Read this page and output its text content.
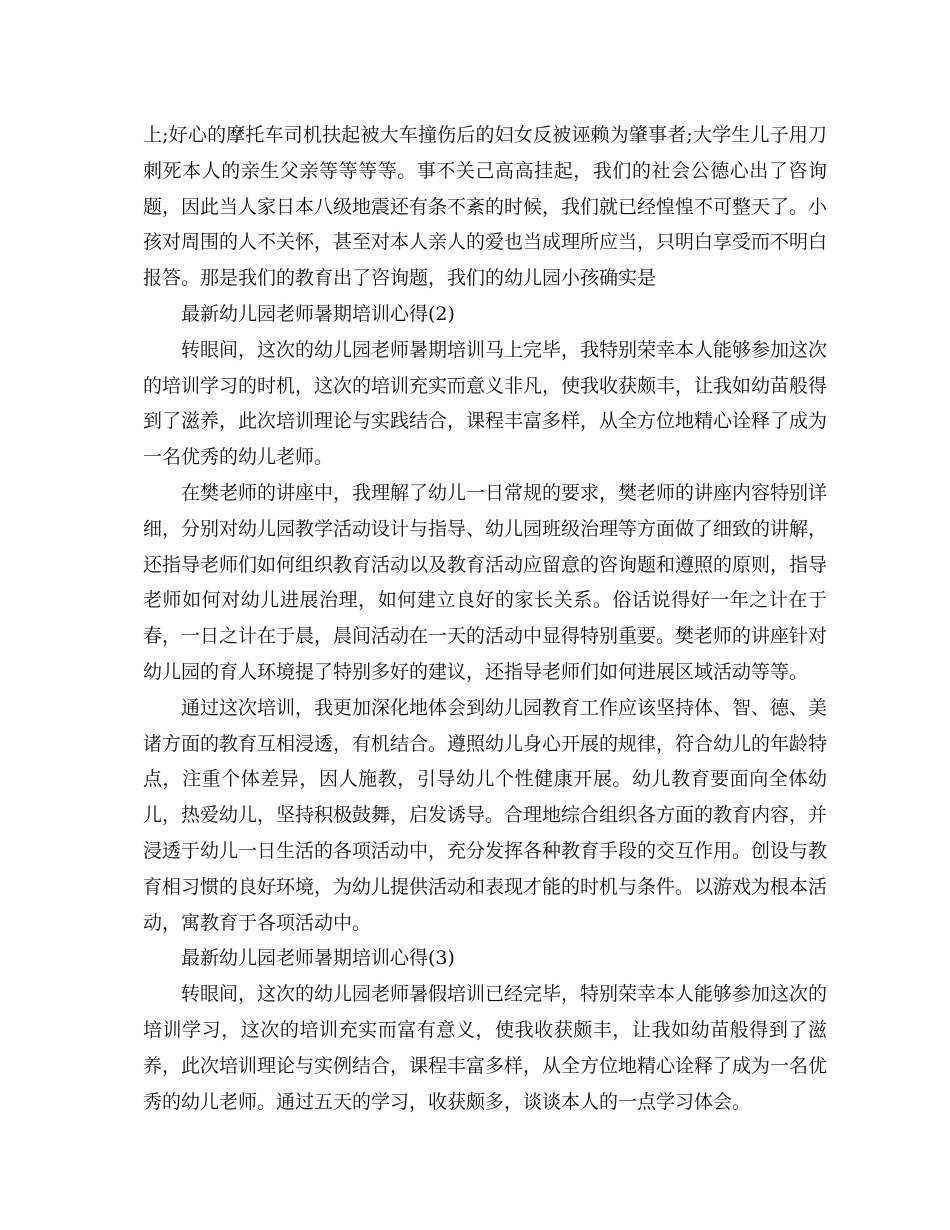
上;好心的摩托车司机扶起被大车撞伤后的妇女反被诬赖为肇事者;大学生儿子用刀刺死本人的亲生父亲等等等等。事不关己高高挂起，我们的社会公德心出了咨询题，因此当人家日本八级地震还有条不紊的时候，我们就已经惶惶不可整天了。小孩对周围的人不关怀，甚至对本人亲人的爱也当成理所应当，只明白享受而不明白报答。那是我们的教育出了咨询题，我们的幼儿园小孩确实是

最新幼儿园老师暑期培训心得(2)

转眼间，这次的幼儿园老师暑期培训马上完毕，我特别荣幸本人能够参加这次的培训学习的时机，这次的培训充实而意义非凡，使我收获颇丰，让我如幼苗般得到了滋养，此次培训理论与实践结合，课程丰富多样，从全方位地精心诠释了成为一名优秀的幼儿老师。

在樊老师的讲座中，我理解了幼儿一日常规的要求，樊老师的讲座内容特别详细，分别对幼儿园教学活动设计与指导、幼儿园班级治理等方面做了细致的讲解，还指导老师们如何组织教育活动以及教育活动应留意的咨询题和遵照的原则，指导老师如何对幼儿进展治理，如何建立良好的家长关系。俗话说得好一年之计在于春，一日之计在于晨，晨间活动在一天的活动中显得特别重要。樊老师的讲座针对幼儿园的育人环境提了特别多好的建议，还指导老师们如何进展区域活动等等。

通过这次培训，我更加深化地体会到幼儿园教育工作应该坚持体、智、德、美诸方面的教育互相浸透，有机结合。遵照幼儿身心开展的规律，符合幼儿的年龄特点，注重个体差异，因人施教，引导幼儿个性健康开展。幼儿教育要面向全体幼儿，热爱幼儿，坚持积极鼓舞，启发诱导。合理地综合组织各方面的教育内容，并浸透于幼儿一日生活的各项活动中，充分发挥各种教育手段的交互作用。创设与教育相习惯的良好环境，为幼儿提供活动和表现才能的时机与条件。以游戏为根本活动，寓教育于各项活动中。

最新幼儿园老师暑期培训心得(3)

转眼间，这次的幼儿园老师暑假培训已经完毕，特别荣幸本人能够参加这次的培训学习，这次的培训充实而富有意义，使我收获颇丰，让我如幼苗般得到了滋养，此次培训理论与实例结合，课程丰富多样，从全方位地精心诠释了成为一名优秀的幼儿老师。通过五天的学习，收获颇多，谈谈本人的一点学习体会。
